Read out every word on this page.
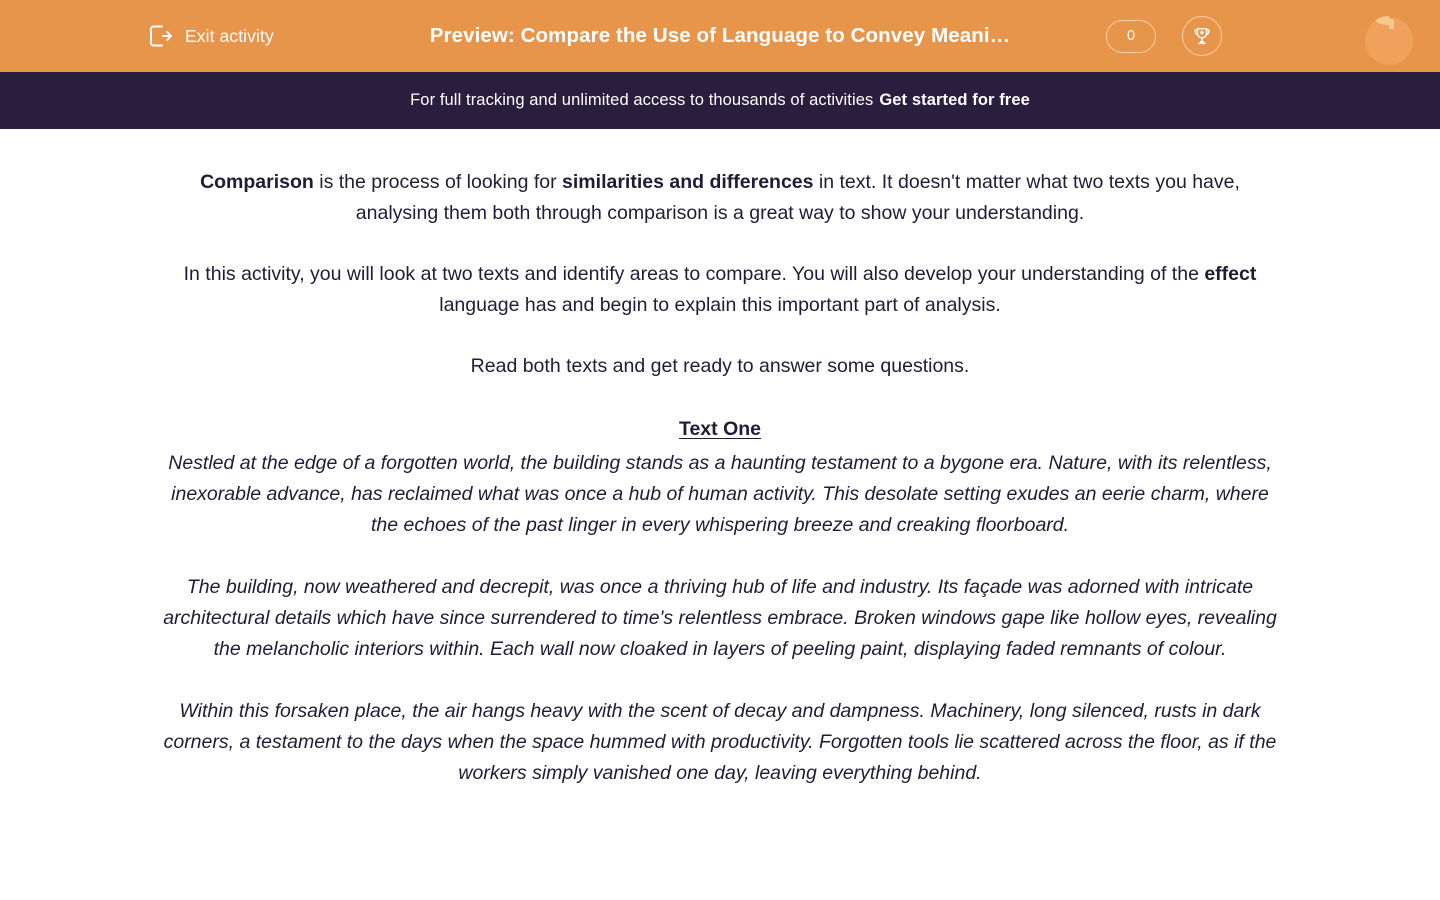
Exit activity	Preview: Compare the Use of Language to Convey Meani…	0
For full tracking and unlimited access to thousands of activities Get started for free

Comparison is the process of looking for similarities and differences in text. It doesn't matter what two texts you have, analysing them both through comparison is a great way to show your understanding.

In this activity, you will look at two texts and identify areas to compare. You will also develop your understanding of the effect language has and begin to explain this important part of analysis.

Read both texts and get ready to answer some questions.

Text One

Nestled at the edge of a forgotten world, the building stands as a haunting testament to a bygone era. Nature, with its relentless, inexorable advance, has reclaimed what was once a hub of human activity. This desolate setting exudes an eerie charm, where the echoes of the past linger in every whispering breeze and creaking floorboard.

The building, now weathered and decrepit, was once a thriving hub of life and industry. Its façade was adorned with intricate architectural details which have since surrendered to time's relentless embrace. Broken windows gape like hollow eyes, revealing the melancholic interiors within. Each wall now cloaked in layers of peeling paint, displaying faded remnants of colour.

Within this forsaken place, the air hangs heavy with the scent of decay and dampness. Machinery, long silenced, rusts in dark corners, a testament to the days when the space hummed with productivity. Forgotten tools lie scattered across the floor, as if the workers simply vanished one day, leaving everything behind.
